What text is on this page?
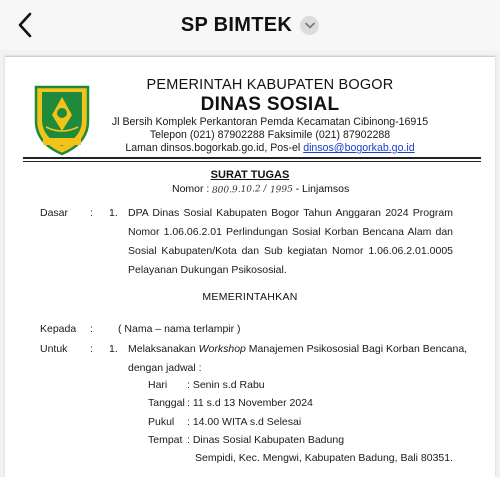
SP BIMTEK
PEMERINTAH KABUPATEN BOGOR
DINAS SOSIAL
Jl Bersih Komplek Perkantoran Pemda Kecamatan Cibinong-16915
Telepon (021) 87902288 Faksimile (021) 87902288
Laman dinsos.bogorkab.go.id, Pos-el dinsos@bogorkab.go.id
SURAT TUGAS
Nomor : 800.9.10.2 / 1995 - Linjamsos
Dasar : 1. DPA Dinas Sosial Kabupaten Bogor Tahun Anggaran 2024 Program Nomor 1.06.06.2.01 Perlindungan Sosial Korban Bencana Alam dan Sosial Kabupaten/Kota dan Sub kegiatan Nomor 1.06.06.2.01.0005 Pelayanan Dukungan Psikososial.
MEMERINTAHKAN
Kepada : ( Nama – nama terlampir )
Untuk : 1. Melaksanakan Workshop Manajemen Psikososial Bagi Korban Bencana,
dengan jadwal :
Hari : Senin s.d Rabu
Tanggal : 11 s.d 13 November 2024
Pukul : 14.00 WITA s.d Selesai
Tempat : Dinas Sosial Kabupaten Badung
Sempidi, Kec. Mengwi, Kabupaten Badung, Bali 80351.
